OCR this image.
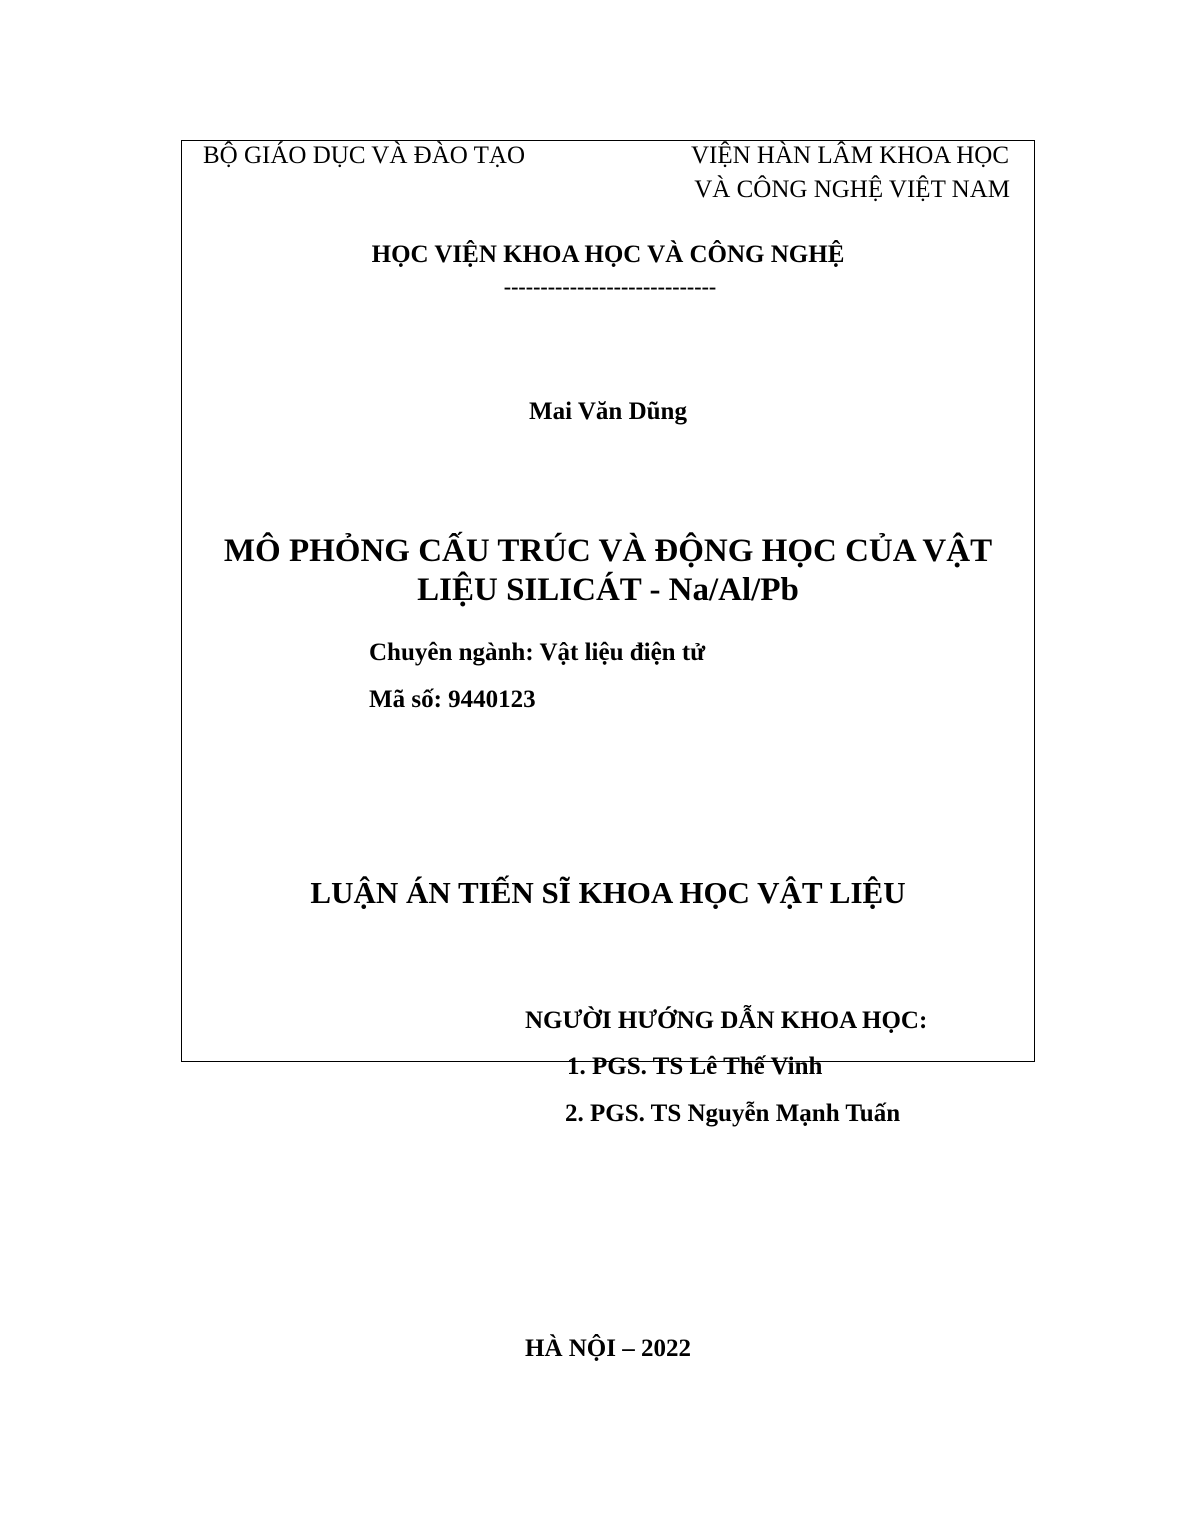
BỘ GIÁO DỤC VÀ ĐÀO TẠO	VIỆN HÀN LÂM KHOA HỌC
VÀ CÔNG NGHỆ VIỆT NAM
HỌC VIỆN KHOA HỌC VÀ CÔNG NGHỆ
-----------------------------
Mai Văn Dũng
MÔ PHỎNG CẤU TRÚC VÀ ĐỘNG HỌC CỦA VẬT
LIỆU SILICÁT - Na/Al/Pb
Chuyên ngành: Vật liệu điện tử
Mã số: 9440123
LUẬN ÁN TIẾN SĨ KHOA HỌC VẬT LIỆU
NGƯỜI HƯỚNG DẪN KHOA HỌC:
1. PGS. TS Lê Thế Vinh
2. PGS. TS Nguyễn Mạnh Tuấn
HÀ NỘI – 2022
